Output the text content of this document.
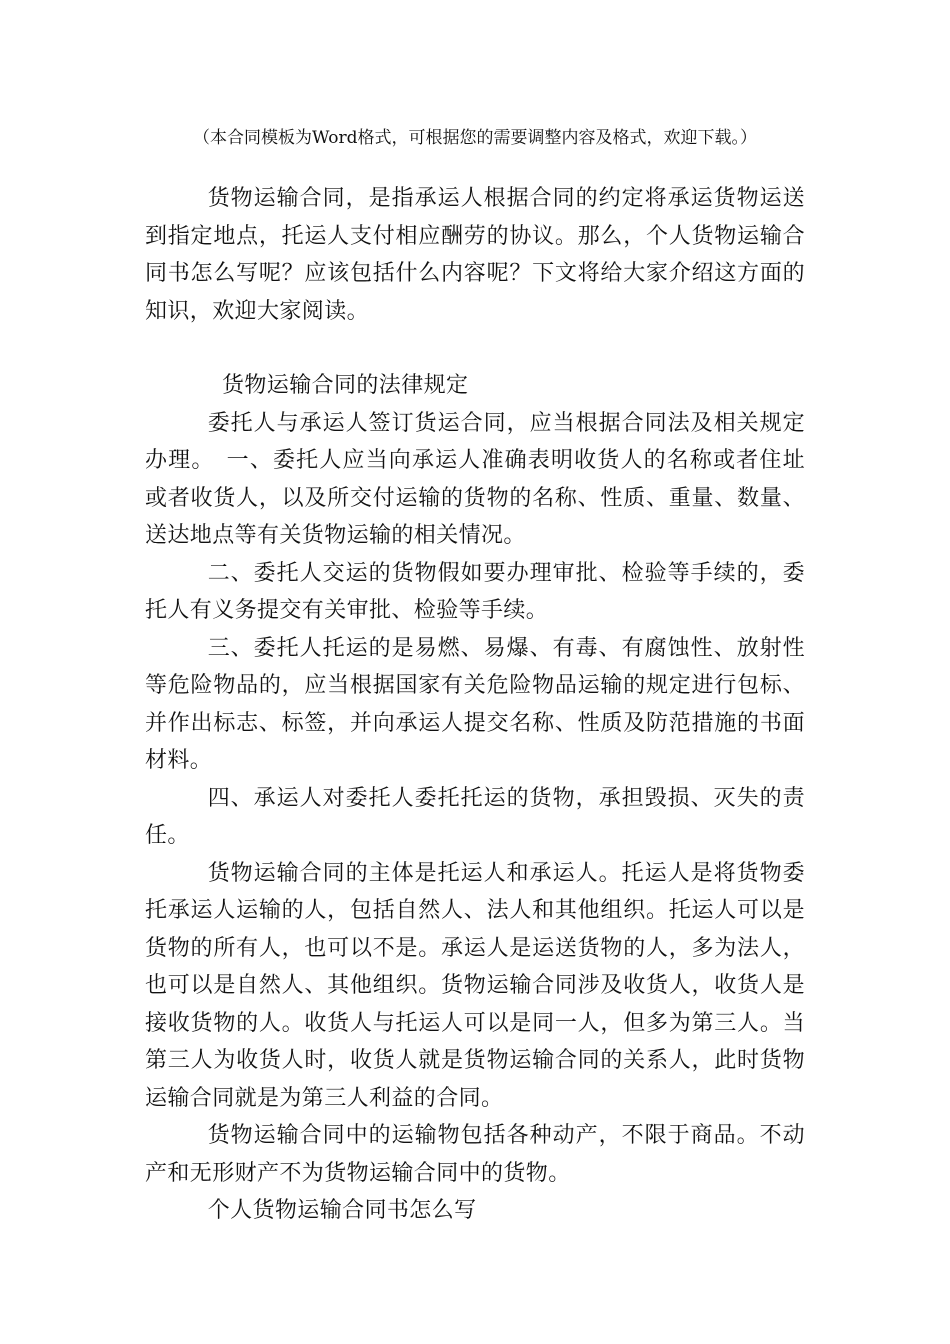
（本合同模板为Word格式，可根据您的需要调整内容及格式，欢迎下载。）

货物运输合同，是指承运人根据合同的约定将承运货物运送到指定地点，托运人支付相应酬劳的协议。那么，个人货物运输合同书怎么写呢？应该包括什么内容呢？下文将给大家介绍这方面的知识，欢迎大家阅读。

货物运输合同的法律规定

委托人与承运人签订货运合同，应当根据合同法及相关规定办理。　一、委托人应当向承运人准确表明收货人的名称或者住址或者收货人，以及所交付运输的货物的名称、性质、重量、数量、送达地点等有关货物运输的相关情况。

二、委托人交运的货物假如要办理审批、检验等手续的，委托人有义务提交有关审批、检验等手续。

三、委托人托运的是易燃、易爆、有毒、有腐蚀性、放射性等危险物品的，应当根据国家有关危险物品运输的规定进行包标、并作出标志、标签，并向承运人提交名称、性质及防范措施的书面材料。

四、承运人对委托人委托托运的货物，承担毁损、灭失的责任。

货物运输合同的主体是托运人和承运人。托运人是将货物委托承运人运输的人，包括自然人、法人和其他组织。托运人可以是货物的所有人，也可以不是。承运人是运送货物的人，多为法人，也可以是自然人、其他组织。货物运输合同涉及收货人，收货人是接收货物的人。收货人与托运人可以是同一人，但多为第三人。当第三人为收货人时，收货人就是货物运输合同的关系人，此时货物运输合同就是为第三人利益的合同。

货物运输合同中的运输物包括各种动产，不限于商品。不动产和无形财产不为货物运输合同中的货物。

个人货物运输合同书怎么写
